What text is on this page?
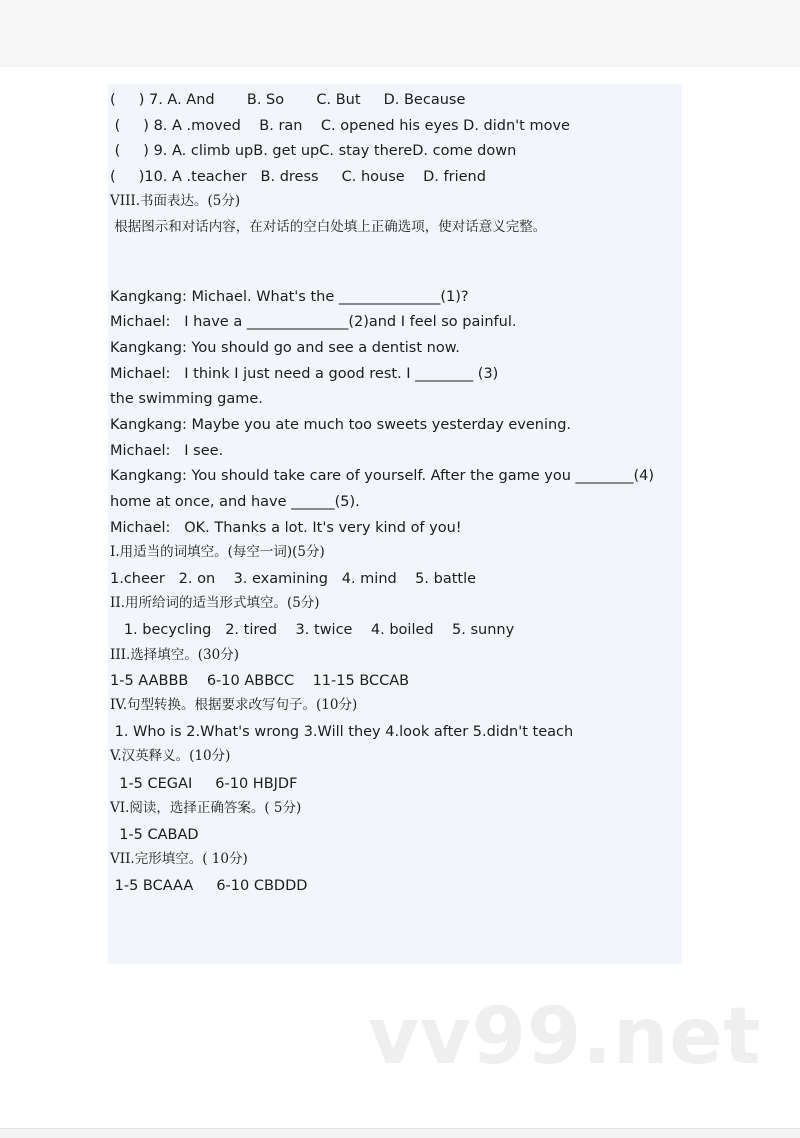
(     ) 7. A. And       B. So       C. But     D. Because
(     ) 8. A .moved    B. ran    C. opened his eyes D. didn't move
(     ) 9. A. climb upB. get upC. stay thereD. come down
(     )10. A .teacher   B. dress     C. house    D. friend
VIII.书面表达。(5分)
根据图示和对话内容，在对话的空白处填上正确选项，使对话意义完整。
Kangkang: Michael. What's the ______________(1)?
Michael:   I have a ______________(2)and I feel so painful.
Kangkang: You should go and see a dentist now.
Michael:   I think I just need a good rest. I ________ (3)
the swimming game.
Kangkang: Maybe you ate much too sweets yesterday evening.
Michael:   I see.
Kangkang: You should take care of yourself. After the game you ________(4)
home at once, and have ______(5).
Michael:   OK. Thanks a lot. It's very kind of you!
I.用适当的词填空。(每空一词)(5分)
1.cheer   2. on    3. examining   4. mind    5. battle
II.用所给词的适当形式填空。(5分)
1. becycling   2. tired    3. twice    4. boiled    5. sunny
III.选择填空。(30分)
1-5 AABBB    6-10 ABBCC    11-15 BCCAB
IV.句型转换。根据要求改写句子。(10分)
1. Who is 2.What's wrong 3.Will they 4.look after 5.didn't teach
V.汉英释义。(10分)
1-5 CEGAI     6-10 HBJDF
VI.阅读，选择正确答案。( 5分)
1-5 CABAD
VII.完形填空。( 10分)
1-5 BCAAA     6-10 CBDDD
vv99.net
